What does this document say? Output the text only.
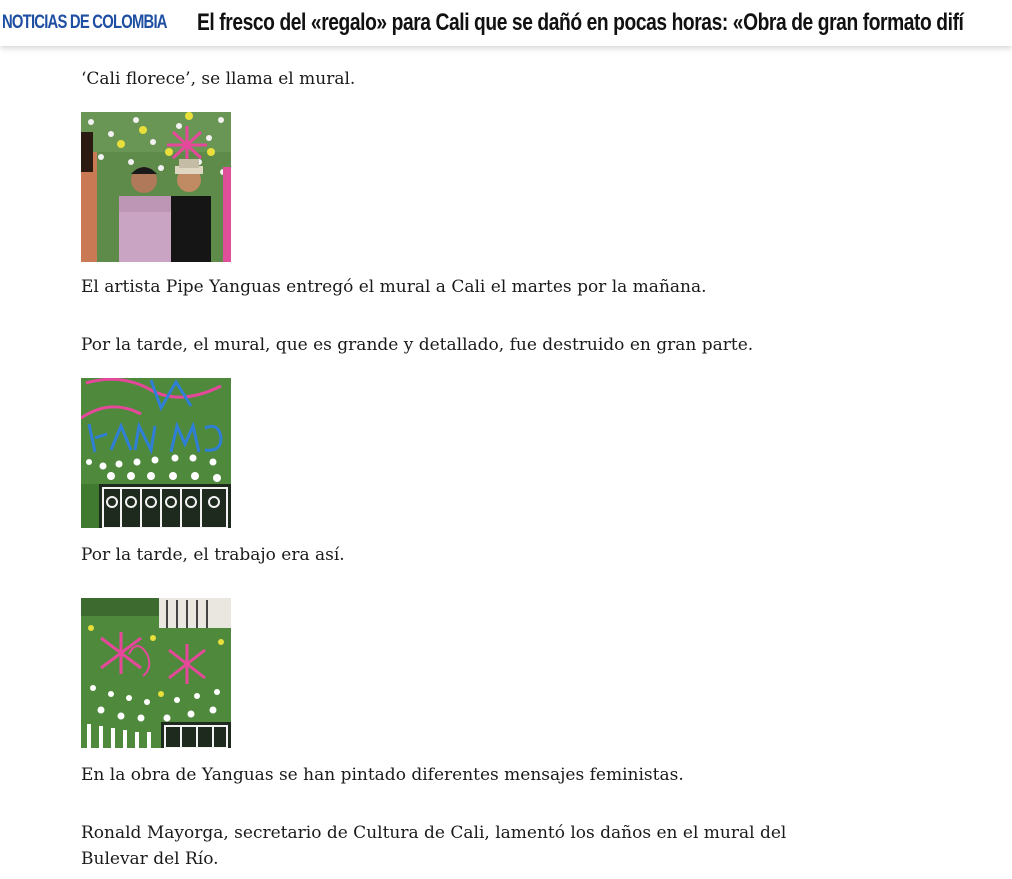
NOTICIAS DE COLOMBIA El fresco del «regalo» para Cali que se dañó en pocas horas: «Obra de gran formato difí

‘Cali florece’, se llama el mural.

El artista Pipe Yanguas entregó el mural a Cali el martes por la mañana.

Por la tarde, el mural, que es grande y detallado, fue destruido en gran parte.

Por la tarde, el trabajo era así.

En la obra de Yanguas se han pintado diferentes mensajes feministas.

Ronald Mayorga, secretario de Cultura de Cali, lamentó los daños en el mural del Bulevar del Río.
